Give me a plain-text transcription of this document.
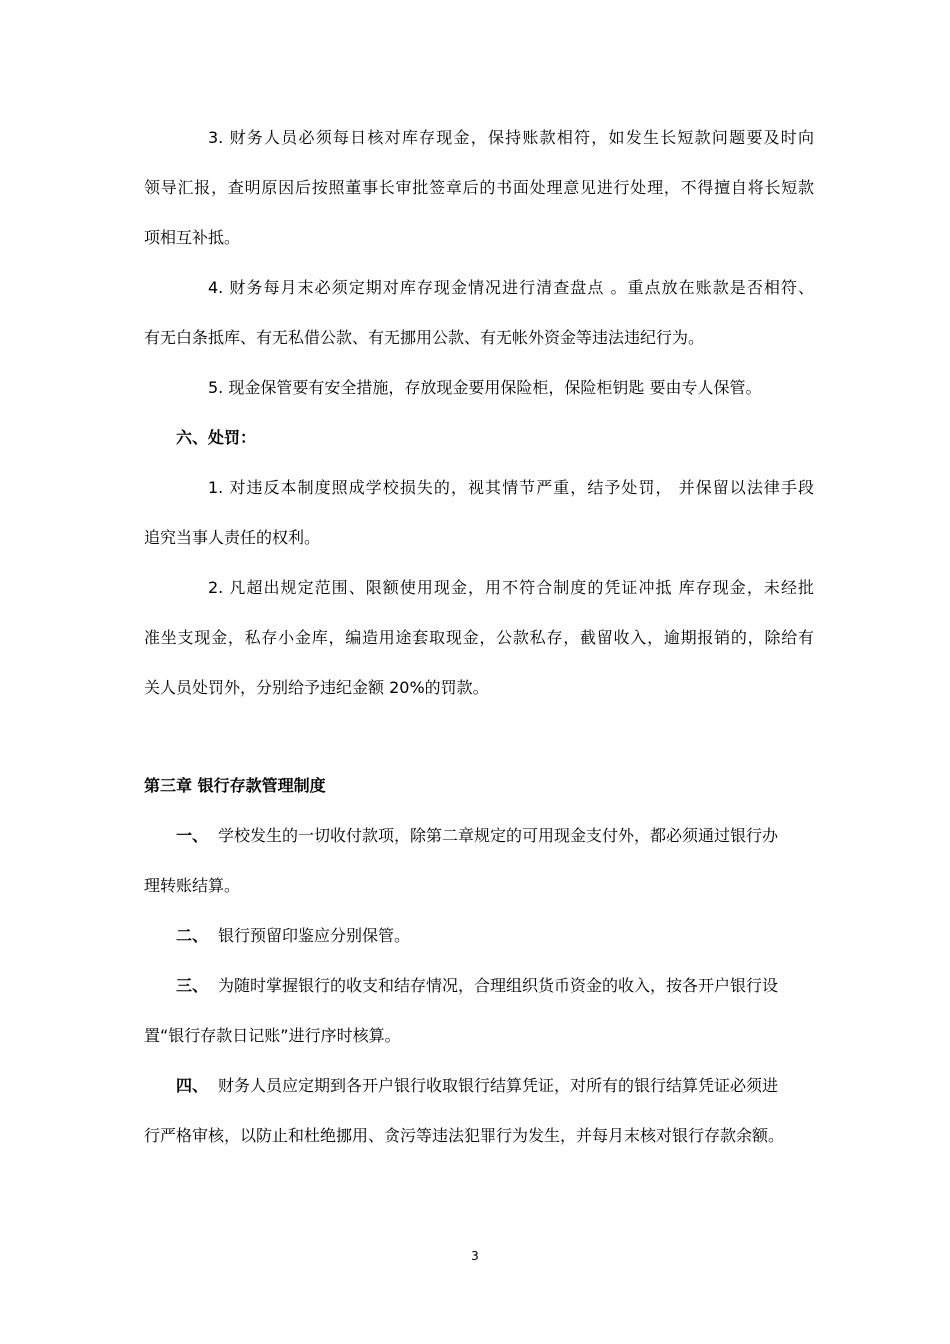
3. 财务人员必须每日核对库存现金，保持账款相符，如发生长短款问题要及时向
领导汇报，查明原因后按照董事长审批签章后的书面处理意见进行处理，不得擅自将长短款
项相互补抵。
4. 财务每月末必须定期对库存现金情况进行清查盘点 。重点放在账款是否相符、
有无白条抵库、有无私借公款、有无挪用公款、有无帐外资金等违法违纪行为。
5. 现金保管要有安全措施，存放现金要用保险柜，保险柜钥匙 要由专人保管。
六、处罚：
1. 对违反本制度照成学校损失的，视其情节严重，结予处罚， 并保留以法律手段
追究当事人责任的权利。
2. 凡超出规定范围、限额使用现金，用不符合制度的凭证冲抵 库存现金，未经批
准坐支现金，私存小金库，编造用途套取现金，公款私存，截留收入，逾期报销的，除给有
关人员处罚外，分别给予违纪金额 20%的罚款。
第三章 银行存款管理制度
一、 学校发生的一切收付款项，除第二章规定的可用现金支付外，都必须通过银行办
理转账结算。
二、 银行预留印鉴应分别保管。
三、 为随时掌握银行的收支和结存情况，合理组织货币资金的收入，按各开户银行设
置“银行存款日记账”进行序时核算。
四、 财务人员应定期到各开户银行收取银行结算凭证，对所有的银行结算凭证必须进
行严格审核，以防止和杜绝挪用、贪污等违法犯罪行为发生，并每月末核对银行存款余额。
3
